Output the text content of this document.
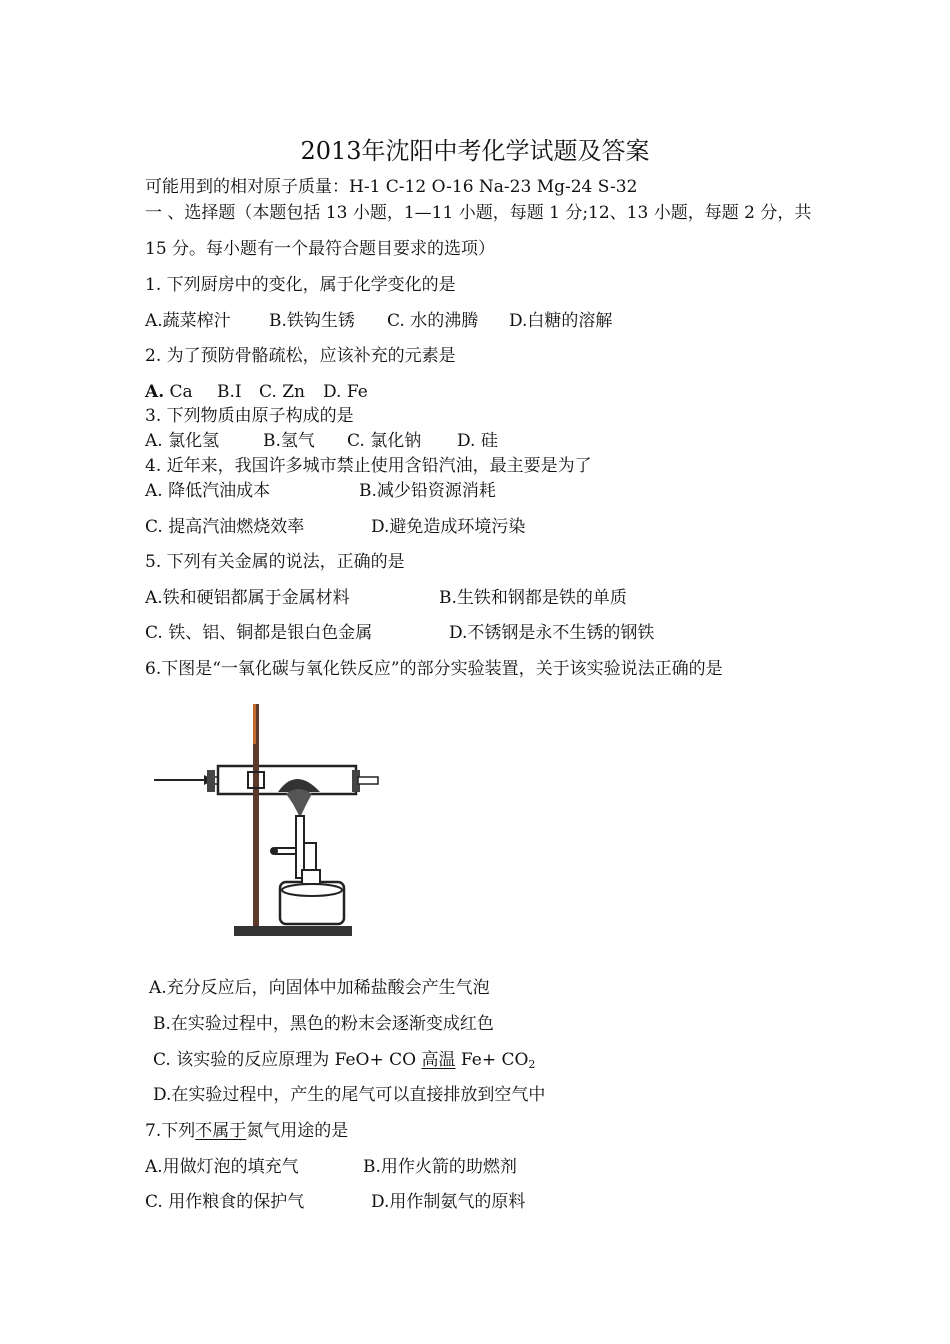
2013年沈阳中考化学试题及答案
可能用到的相对原子质量：H-1 C-12 O-16 Na-23 Mg-24 S-32
一 、选择题（本题包括 13 小题，1—11 小题，每题 1 分;12、13 小题，每题 2 分，共
15 分。每小题有一个最符合题目要求的选项）
1. 下列厨房中的变化，属于化学变化的是
A.蔬菜榨汁 B.铁钩生锈 C. 水的沸腾 D.白糖的溶解
2. 为了预防骨骼疏松，应该补充的元素是
A. Ca B.I C. Zn D. Fe
3. 下列物质由原子构成的是
A. 氯化氢	B.氢气 C. 氯化钠 D. 硅
4. 近年来，我国许多城市禁止使用含铅汽油，最主要是为了
A. 降低汽油成本	B.减少铅资源消耗
C. 提高汽油燃烧效率	D.避免造成环境污染
5. 下列有关金属的说法，正确的是
A.铁和硬铝都属于金属材料	B.生铁和钢都是铁的单质
C. 铁、铝、铜都是银白色金属	D.不锈钢是永不生锈的钢铁
6.下图是“一氧化碳与氧化铁反应”的部分实验装置，关于该实验说法正确的是
A.充分反应后，向固体中加稀盐酸会产生气泡
B.在实验过程中，黑色的粉末会逐渐变成红色
C. 该实验的反应原理为 FeO+ CO 高温 $Fe+ CO_2$
D.在实验过程中，产生的尾气可以直接排放到空气中
7.下列不属于氮气用途的是
A.用做灯泡的填充气	B.用作火箭的助燃剂
C. 用作粮食的保护气	D.用作制氨气的原料
